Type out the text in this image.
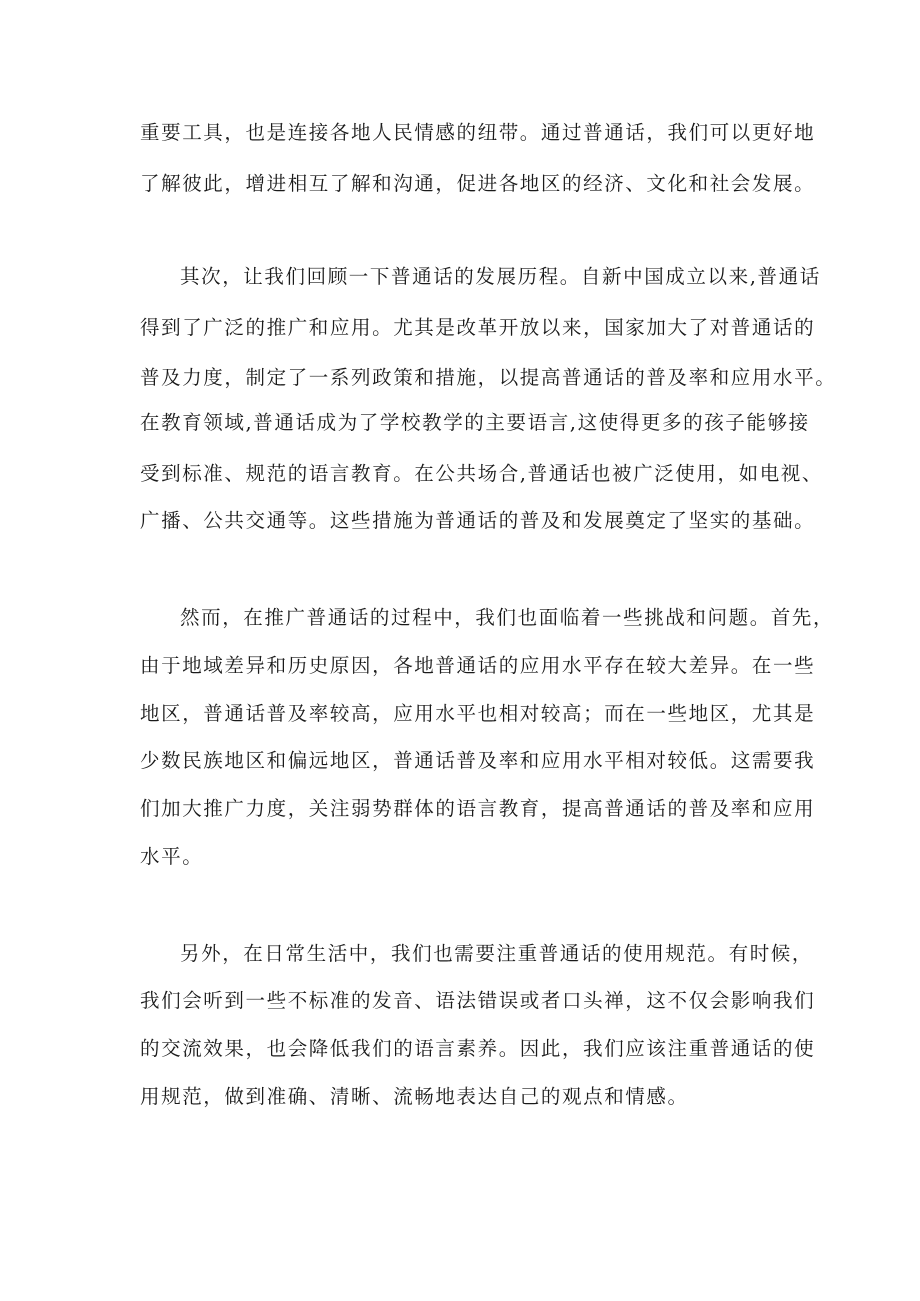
重要工具，也是连接各地人民情感的纽带。通过普通话，我们可以更好地
了解彼此，增进相互了解和沟通，促进各地区的经济、文化和社会发展。
其次，让我们回顾一下普通话的发展历程。自新中国成立以来,普通话
得到了广泛的推广和应用。尤其是改革开放以来，国家加大了对普通话的
普及力度，制定了一系列政策和措施，以提高普通话的普及率和应用水平。
在教育领域,普通话成为了学校教学的主要语言,这使得更多的孩子能够接
受到标准、规范的语言教育。在公共场合,普通话也被广泛使用，如电视、
广播、公共交通等。这些措施为普通话的普及和发展奠定了坚实的基础。
然而，在推广普通话的过程中，我们也面临着一些挑战和问题。首先，
由于地域差异和历史原因，各地普通话的应用水平存在较大差异。在一些
地区，普通话普及率较高，应用水平也相对较高；而在一些地区，尤其是
少数民族地区和偏远地区，普通话普及率和应用水平相对较低。这需要我
们加大推广力度，关注弱势群体的语言教育，提高普通话的普及率和应用
水平。
另外，在日常生活中，我们也需要注重普通话的使用规范。有时候，
我们会听到一些不标准的发音、语法错误或者口头禅，这不仅会影响我们
的交流效果，也会降低我们的语言素养。因此，我们应该注重普通话的使
用规范，做到准确、清晰、流畅地表达自己的观点和情感。
